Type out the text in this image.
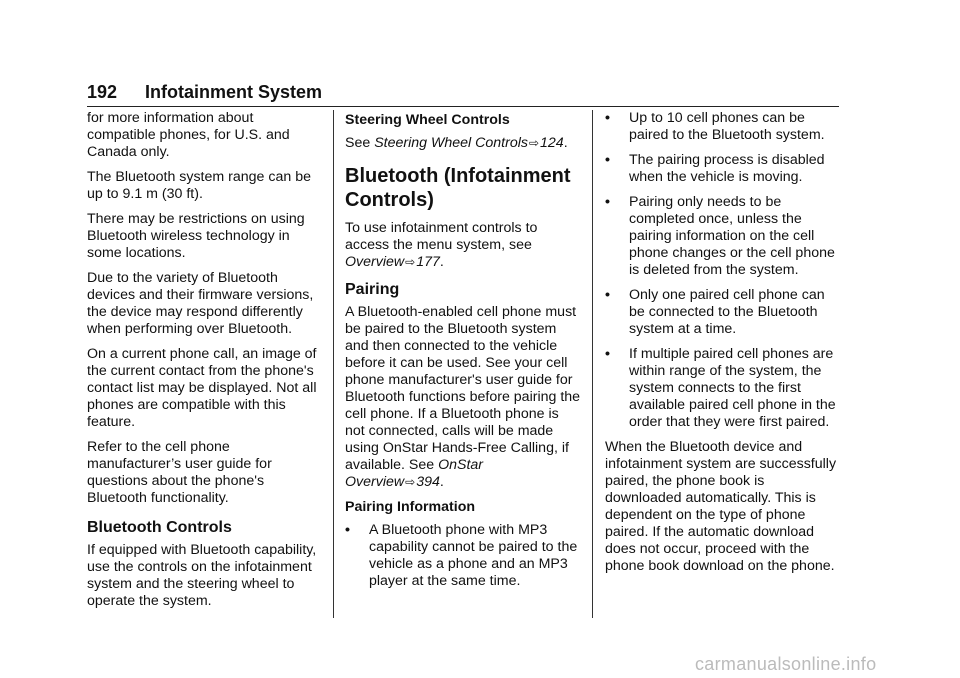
192 Infotainment System

for more information about compatible phones, for U.S. and Canada only.

The Bluetooth system range can be up to 9.1 m (30 ft).

There may be restrictions on using Bluetooth wireless technology in some locations.

Due to the variety of Bluetooth devices and their firmware versions, the device may respond differently when performing over Bluetooth.

On a current phone call, an image of the current contact from the phone's contact list may be displayed. Not all phones are compatible with this feature.

Refer to the cell phone manufacturer’s user guide for questions about the phone's Bluetooth functionality.

Bluetooth Controls

If equipped with Bluetooth capability, use the controls on the infotainment system and the steering wheel to operate the system.

Steering Wheel Controls

See Steering Wheel Controls⇨124.

Bluetooth (Infotainment Controls)

To use infotainment controls to access the menu system, see Overview⇨177.

Pairing

A Bluetooth-enabled cell phone must be paired to the Bluetooth system and then connected to the vehicle before it can be used. See your cell phone manufacturer's user guide for Bluetooth functions before pairing the cell phone. If a Bluetooth phone is not connected, calls will be made using OnStar Hands-Free Calling, if available. See OnStar Overview⇨394.

Pairing Information
•	A Bluetooth phone with MP3 capability cannot be paired to the vehicle as a phone and an MP3 player at the same time.
•	Up to 10 cell phones can be paired to the Bluetooth system.
•	The pairing process is disabled when the vehicle is moving.
•	Pairing only needs to be completed once, unless the pairing information on the cell phone changes or the cell phone is deleted from the system.
•	Only one paired cell phone can be connected to the Bluetooth system at a time.
•	If multiple paired cell phones are within range of the system, the system connects to the first available paired cell phone in the order that they were first paired.

When the Bluetooth device and infotainment system are successfully paired, the phone book is downloaded automatically. This is dependent on the type of phone paired. If the automatic download does not occur, proceed with the phone book download on the phone.

carmanualsonline.info
